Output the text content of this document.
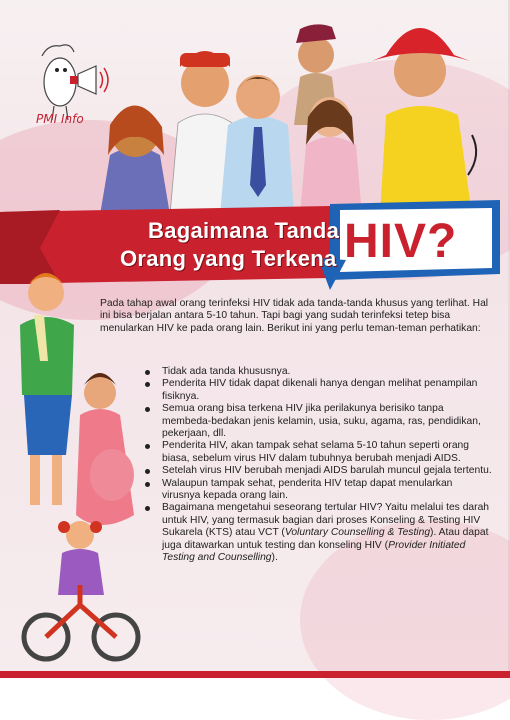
PMI Info
Bagaimana Tanda
Orang yang Terkena HIV?

Pada tahap awal orang terinfeksi HIV tidak ada tanda-tanda khusus yang terlihat. Hal ini bisa berjalan antara 5-10 tahun. Tapi bagi yang sudah terinfeksi tetep bisa menularkan HIV ke pada orang lain. Berikut ini yang perlu teman-teman perhatikan:

Tidak ada tanda khususnya.
Penderita HIV tidak dapat dikenali hanya dengan melihat penampilan fisiknya.
Semua orang bisa terkena HIV jika perilakunya berisiko tanpa membeda-bedakan jenis kelamin, usia, suku, agama, ras, pendidikan, pekerjaan, dll.
Penderita HIV, akan tampak sehat selama 5-10 tahun seperti orang biasa, sebelum virus HIV dalam tubuhnya berubah menjadi AIDS.
Setelah virus HIV berubah menjadi AIDS barulah muncul gejala tertentu.
Walaupun tampak sehat, penderita HIV tetap dapat menularkan virusnya kepada orang lain.
Bagaimana mengetahui seseorang tertular HIV? Yaitu melalui tes darah untuk HIV, yang termasuk bagian dari proses Konseling & Testing HIV Sukarela (KTS) atau VCT (Voluntary Counselling & Testing). Atau dapat juga ditawarkan untuk testing dan konseling HIV (Provider Initiated Testing and Counselling).
